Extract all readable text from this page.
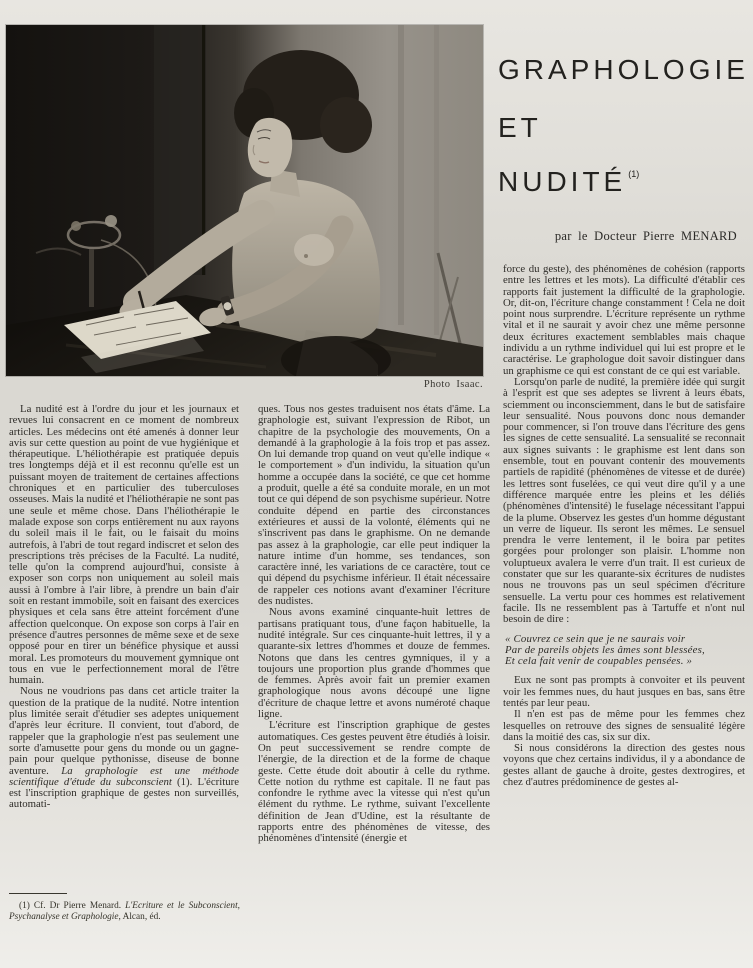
Photo Isaac.
GRAPHOLOGIE
ET
NUDITÉ $^{(1)}$
par le Docteur Pierre MENARD

La nudité est à l'ordre du jour et les journaux et revues lui consacrent en ce moment de nombreux articles. Les médecins ont été amenés à donner leur avis sur cette question au point de vue hygiénique et thérapeutique. L'héliothérapie est pratiquée depuis tres longtemps déjà et il est reconnu qu'elle est un puissant moyen de traitement de certaines affections chroniques et en particulier des tuberculoses osseuses. Mais la nudité et l'héliothérapie ne sont pas une seule et même chose. Dans l'héliothérapie le malade expose son corps entièrement nu aux rayons du soleil mais il le fait, ou le faisait du moins autrefois, à l'abri de tout regard indiscret et selon des prescriptions très précises de la Faculté. La nudité, telle qu'on la comprend aujourd'hui, consiste à exposer son corps non uniquement au soleil mais aussi à l'ombre à l'air libre, à prendre un bain d'air soit en restant immobile, soit en faisant des exercices physiques et cela sans être atteint forcément d'une affection quelconque. On expose son corps à l'air en présence d'autres personnes de même sexe et de sexe opposé pour en tirer un bénéfice physique et aussi moral. Les promoteurs du mouvement gymnique ont tous en vue le perfectionnement moral de l'être humain.

Nous ne voudrions pas dans cet article traiter la question de la pratique de la nudité. Notre intention plus limitée serait d'étudier ses adeptes uniquement d'après leur écriture. Il convient, tout d'abord, de rappeler que la graphologie n'est pas seulement une sorte d'amusette pour gens du monde ou un gagne-pain pour quelque pythonisse, diseuse de bonne aventure. La graphologie est une méthode scientifique d'étude du subconscient (1). L'écriture est l'inscription graphique de gestes non surveillés, automati-

ques. Tous nos gestes traduisent nos états d'âme. La graphologie est, suivant l'expression de Ribot, un chapitre de la psychologie des mouvements, On a demandé à la graphologie à la fois trop et pas assez. On lui demande trop quand on veut qu'elle indique « le comportement » d'un individu, la situation qu'un homme a occupée dans la société, ce que cet homme a produit, quelle a été sa conduite morale, en un mot tout ce qui dépend de son psychisme supérieur. Notre conduite dépend en partie des circonstances extérieures et aussi de la volonté, éléments qui ne s'inscrivent pas dans le graphisme. On ne demande pas assez à la graphologie, car elle peut indiquer la nature intime d'un homme, ses tendances, son caractère inné, les variations de ce caractère, tout ce qui dépend du psychisme inférieur. Il était nécessaire de rappeler ces notions avant d'examiner l'écriture des nudistes.

Nous avons examiné cinquante-huit lettres de partisans pratiquant tous, d'une façon habituelle, la nudité intégrale. Sur ces cinquante-huit lettres, il y a quarante-six lettres d'hommes et douze de femmes. Notons que dans les centres gymniques, il y a toujours une proportion plus grande d'hommes que de femmes. Après avoir fait un premier examen graphologique nous avons découpé une ligne d'écriture de chaque lettre et avons numéroté chaque ligne.

L'écriture est l'inscription graphique de gestes automatiques. Ces gestes peuvent être étudiés à loisir. On peut successivement se rendre compte de l'énergie, de la direction et de la forme de chaque geste. Cette étude doit aboutir à celle du rythme. Cette notion du rythme est capitale. Il ne faut pas confondre le rythme avec la vitesse qui n'est qu'un élément du rythme. Le rythme, suivant l'excellente définition de Jean d'Udine, est la résultante de rapports entre des phénomènes de vitesse, des phénomènes d'intensité (énergie et

force du geste), des phénomènes de cohésion (rapports entre les lettres et les mots). La difficulté d'établir ces rapports fait justement la difficulté de la graphologie. Or, dit-on, l'écriture change constamment ! Cela ne doit point nous surprendre. L'écriture représente un rythme vital et il ne saurait y avoir chez une même personne deux écritures exactement semblables mais chaque individu a un rythme individuel qui lui est propre et le caractérise. Le graphologue doit savoir distinguer dans un graphisme ce qui est constant de ce qui est variable.

Lorsqu'on parle de nudité, la première idée qui surgit à l'esprit est que ses adeptes se livrent à leurs ébats, sciemment ou inconsciemment, dans le but de satisfaire leur sensualité. Nous pouvons donc nous demander pour commencer, si l'on trouve dans l'écriture des gens les signes de cette sensualité. La sensualité se reconnait aux signes suivants : le graphisme est lent dans son ensemble, tout en pouvant contenir des mouvements partiels de rapidité (phénomènes de vitesse et de durée) les lettres sont fuselées, ce qui veut dire qu'il y a une différence marquée entre les pleins et les déliés (phénomènes d'intensité) le fuselage nécessitant l'appui de la plume. Observez les gestes d'un homme dégustant un verre de liqueur. Ils seront les mêmes. Le sensuel prendra le verre lentement, il le boira par petites gorgées pour prolonger son plaisir. L'homme non voluptueux avalera le verre d'un trait. Il est curieux de constater que sur les quarante-six écritures de nudistes nous ne trouvons pas un seul spécimen d'écriture sensuelle. La vertu pour ces hommes est relativement facile. Ils ne ressemblent pas à Tartuffe et n'ont nul besoin de dire :

« Couvrez ce sein que je ne saurais voir
Par de pareils objets les âmes sont blessées,
Et cela fait venir de coupables pensées. »

Eux ne sont pas prompts à convoiter et ils peuvent voir les femmes nues, du haut jusques en bas, sans être tentés par leur peau.

Il n'en est pas de même pour les femmes chez lesquelles on retrouve des signes de sensualité légère dans la moitié des cas, six sur dix.

Si nous considérons la direction des gestes nous voyons que chez certains individus, il y a abondance de gestes allant de gauche à droite, gestes dextrogires, et chez d'autres prédominence de gestes al-

(1) Cf. Dr Pierre Menard. L'Ecriture et le Subconscient, Psychanalyse et Graphologie, Alcan, éd.
